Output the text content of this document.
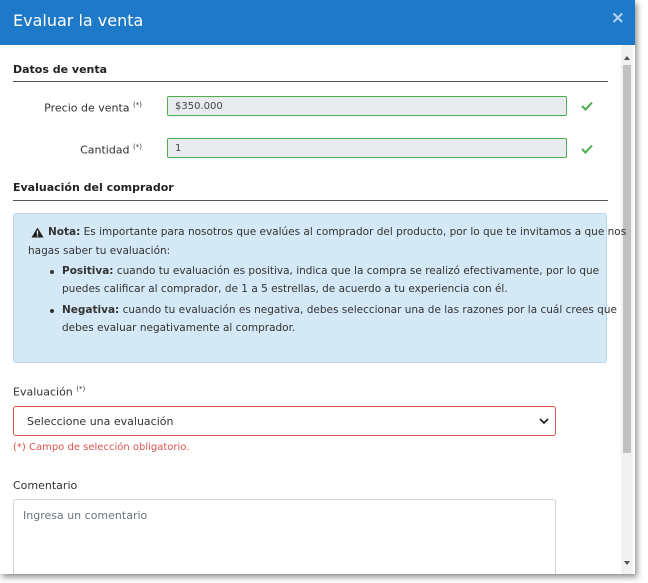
Evaluar la venta	×
Datos de venta
Precio de venta (*)	$350.000
Cantidad (*)	1
Evaluación del comprador
Nota: Es importante para nosotros que evalúes al comprador del producto, por lo que te invitamos a que nos
hagas saber tu evaluación:
Positiva: cuando tu evaluación es positiva, indica que la compra se realizó efectivamente, por lo que
puedes calificar al comprador, de 1 a 5 estrellas, de acuerdo a tu experiencia con él.
Negativa: cuando tu evaluación es negativa, debes seleccionar una de las razones por la cuál crees que
debes evaluar negativamente al comprador.
Evaluación (*)
Seleccione una evaluación
(*) Campo de selección obligatorio.
Comentario
Ingresa un comentario
